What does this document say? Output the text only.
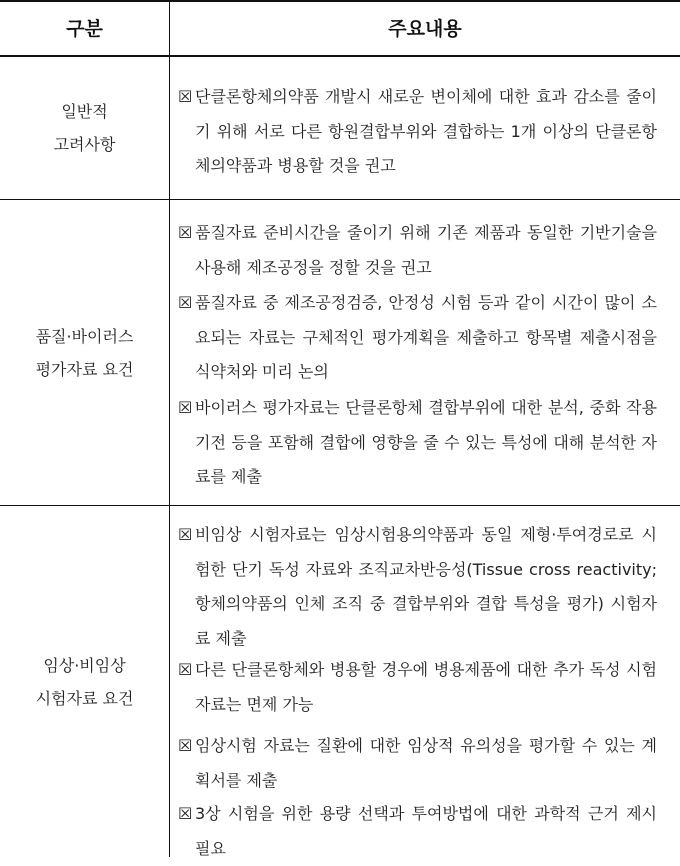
구분	주요내용
일반적
고려사항
☒ 단클론항체의약품 개발시 새로운 변이체에 대한 효과 감소를 줄이기 위해 서로 다른 항원결합부위와 결합하는 1개 이상의 단클론항체의약품과 병용할 것을 권고
품질·바이러스
평가자료 요건
☒ 품질자료 준비시간을 줄이기 위해 기존 제품과 동일한 기반기술을 사용해 제조공정을 정할 것을 권고
☒ 품질자료 중 제조공정검증, 안정성 시험 등과 같이 시간이 많이 소요되는 자료는 구체적인 평가계획을 제출하고 항목별 제출시점을 식약처와 미리 논의
☒ 바이러스 평가자료는 단클론항체 결합부위에 대한 분석, 중화 작용기전 등을 포함해 결합에 영향을 줄 수 있는 특성에 대해 분석한 자료를 제출
임상·비임상
시험자료 요건
☒ 비임상 시험자료는 임상시험용의약품과 동일 제형·투여경로로 시험한 단기 독성 자료와 조직교차반응성(Tissue cross reactivity; 항체의약품의 인체 조직 중 결합부위와 결합 특성을 평가) 시험자료 제출
☒ 다른 단클론항체와 병용할 경우에 병용제품에 대한 추가 독성 시험 자료는 면제 가능
☒ 임상시험 자료는 질환에 대한 임상적 유의성을 평가할 수 있는 계획서를 제출
☒ 3상 시험을 위한 용량 선택과 투여방법에 대한 과학적 근거 제시 필요
